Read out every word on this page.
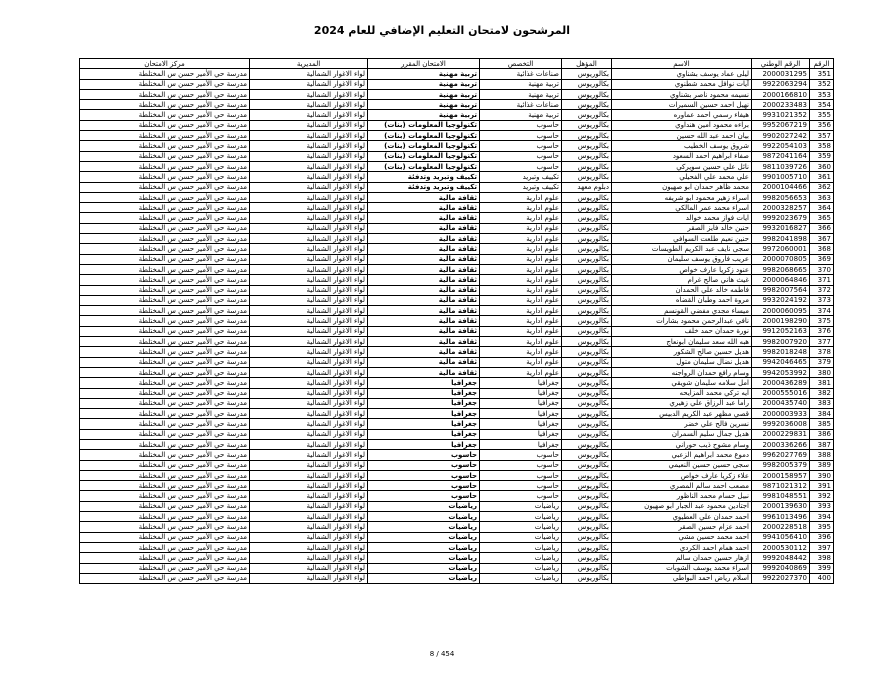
المرشحون لامتحان التعليم الإضافي للعام 2024
الرقم	الرقم الوطني	الاسم	المؤهل	التخصص	الامتحان المقرر	المديرية	مركز الامتحان
351	2000031295	ليلى عماد يوسف بشناوي	بكالوريوس	صناعات غذائية	تربية مهنية	لواء الاغوار الشمالية	مدرسة حي الأمير حسن س المختلطة
352	9922063294	آيات نوافل محمد شطنوي	بكالوريوس	تربية مهنية	تربية مهنية	لواء الاغوار الشمالية	مدرسة حي الأمير حسن س المختلطة
353	2000166810	نسيمه محمود ناصر بشناوي	بكالوريوس	تربية مهنية	تربية مهنية	لواء الاغوار الشمالية	مدرسة حي الأمير حسن س المختلطة
354	2000233483	نهيل احمد حسين السميرات	بكالوريوس	صناعات غذائية	تربية مهنية	لواء الاغوار الشمالية	مدرسة حي الأمير حسن س المختلطة
355	9931021352	هيفاء رسمي احمد عماوره	بكالوريوس	تربية مهنية	تربية مهنية	لواء الاغوار الشمالية	مدرسة حي الأمير حسن س المختلطة
356	9952067219	براءه محمود امين هنداوي	بكالوريوس	حاسوب	تكنولوجيا المعلومات (بنات)	لواء الاغوار الشمالية	مدرسة حي الأمير حسن س المختلطة
357	9902027242	بيان احمد عبد الله حسين	بكالوريوس	حاسوب	تكنولوجيا المعلومات (بنات)	لواء الاغوار الشمالية	مدرسة حي الأمير حسن س المختلطة
358	9922054103	شروق يوسف الخطيب	بكالوريوس	حاسوب	تكنولوجيا المعلومات (بنات)	لواء الاغوار الشمالية	مدرسة حي الأمير حسن س المختلطة
359	9872041164	صفاء ابراهيم احمد السعود	بكالوريوس	حاسوب	تكنولوجيا المعلومات (بنات)	لواء الاغوار الشمالية	مدرسة حي الأمير حسن س المختلطة
360	9811039726	نائل علي حسين سويركي	بكالوريوس	حاسوب	تكنولوجيا المعلومات (بنات)	لواء الاغوار الشمالية	مدرسة حي الأمير حسن س المختلطة
361	9901005710	علي محمد علي الفحيلي	بكالوريوس	تكييف وتبريد	تكييف وتبريد وتدفئة	لواء الاغوار الشمالية	مدرسة حي الأمير حسن س المختلطة
362	2000104466	محمد ظاهر حمدان ابو صهيون	دبلوم معهد	تكييف وتبريد	تكييف وتبريد وتدفئة	لواء الاغوار الشمالية	مدرسة حي الأمير حسن س المختلطة
363	9982056653	اسراء زهير محمود ابو شريفه	بكالوريوس	علوم ادارية	ثقافة مالية	لواء الاغوار الشمالية	مدرسة حي الأمير حسن س المختلطة
364	2000328257	اسراء محمد عمر المالكي	بكالوريوس	علوم ادارية	ثقافة مالية	لواء الاغوار الشمالية	مدرسة حي الأمير حسن س المختلطة
365	9992023679	ايات فواز محمد خوالد	بكالوريوس	علوم ادارية	ثقافة مالية	لواء الاغوار الشمالية	مدرسة حي الأمير حسن س المختلطة
366	9932016827	حنين خالد فايز الصقر	بكالوريوس	علوم ادارية	ثقافة مالية	لواء الاغوار الشمالية	مدرسة حي الأمير حسن س المختلطة
367	9982041898	حنين نعيم طلعت السوافي	بكالوريوس	علوم ادارية	ثقافة مالية	لواء الاغوار الشمالية	مدرسة حي الأمير حسن س المختلطة
368	9972060001	سجى نايف عبد الكريم الطويسات	بكالوريوس	علوم ادارية	ثقافة مالية	لواء الاغوار الشمالية	مدرسة حي الأمير حسن س المختلطة
369	2000070805	عريب فاروق يوسف سليمان	بكالوريوس	علوم ادارية	ثقافة مالية	لواء الاغوار الشمالية	مدرسة حي الأمير حسن س المختلطة
370	9982068665	عنود زكريا عارف خواص	بكالوريوس	علوم ادارية	ثقافة مالية	لواء الاغوار الشمالية	مدرسة حي الأمير حسن س المختلطة
371	2000064846	غيث هاني صالح غرام	بكالوريوس	علوم ادارية	ثقافة مالية	لواء الاغوار الشمالية	مدرسة حي الأمير حسن س المختلطة
372	9982007564	فاطمه خالد علي الحمدان	بكالوريوس	علوم ادارية	ثقافة مالية	لواء الاغوار الشمالية	مدرسة حي الأمير حسن س المختلطة
373	9932024192	مروة احمد وطبان القضاه	بكالوريوس	علوم ادارية	ثقافة مالية	لواء الاغوار الشمالية	مدرسة حي الأمير حسن س المختلطة
374	2000060095	ميساء مجدي مفضي القونسم	بكالوريوس	علوم ادارية	ثقافة مالية	لواء الاغوار الشمالية	مدرسة حي الأمير حسن س المختلطة
375	2000198290	نافي عبدالرحمن محمود بشارات	بكالوريوس	علوم ادارية	ثقافة مالية	لواء الاغوار الشمالية	مدرسة حي الأمير حسن س المختلطة
376	9912052163	نورة حمدان حمد خلف	بكالوريوس	علوم ادارية	ثقافة مالية	لواء الاغوار الشمالية	مدرسة حي الأمير حسن س المختلطة
377	9982007920	هبه الله سعد سليمان ابونعاج	بكالوريوس	علوم ادارية	ثقافة مالية	لواء الاغوار الشمالية	مدرسة حي الأمير حسن س المختلطة
378	9982018248	هديل حسين صالح الشكور	بكالوريوس	علوم ادارية	ثقافة مالية	لواء الاغوار الشمالية	مدرسة حي الأمير حسن س المختلطة
379	9942046465	هديل نضال سليمان متول	بكالوريوس	علوم ادارية	ثقافة مالية	لواء الاغوار الشمالية	مدرسة حي الأمير حسن س المختلطة
380	9942053992	وسام رافع حمدان الرواجنه	بكالوريوس	علوم ادارية	ثقافة مالية	لواء الاغوار الشمالية	مدرسة حي الأمير حسن س المختلطة
381	2000436289	امل سلامه سليمان شويقي	بكالوريوس	جغرافيا	جغرافيا	لواء الاغوار الشمالية	مدرسة حي الأمير حسن س المختلطة
382	2000555016	ايه تركي محمد المزايحه	بكالوريوس	جغرافيا	جغرافيا	لواء الاغوار الشمالية	مدرسة حي الأمير حسن س المختلطة
383	2000435740	راما عبد الرزاق علي زهيري	بكالوريوس	جغرافيا	جغرافيا	لواء الاغوار الشمالية	مدرسة حي الأمير حسن س المختلطة
384	2000003933	قصي مظهر عبد الكريم الدبيس	بكالوريوس	جغرافيا	جغرافيا	لواء الاغوار الشمالية	مدرسة حي الأمير حسن س المختلطة
385	9992036008	نسرين فالح علي خضر	بكالوريوس	جغرافيا	جغرافيا	لواء الاغوار الشمالية	مدرسة حي الأمير حسن س المختلطة
386	2000229831	هديل جمال سليم السمران	بكالوريوس	جغرافيا	جغرافيا	لواء الاغوار الشمالية	مدرسة حي الأمير حسن س المختلطة
387	2000336266	وسام مشوح ذيب حوراني	بكالوريوس	جغرافيا	جغرافيا	لواء الاغوار الشمالية	مدرسة حي الأمير حسن س المختلطة
388	9962027769	دموع محمد ابراهيم الزعبي	بكالوريوس	حاسوب	حاسوب	لواء الاغوار الشمالية	مدرسة حي الأمير حسن س المختلطة
389	9982005379	سجى حسين حسين النعيمي	بكالوريوس	حاسوب	حاسوب	لواء الاغوار الشمالية	مدرسة حي الأمير حسن س المختلطة
390	2000158957	علاء زكريا عارف خواص	بكالوريوس	حاسوب	حاسوب	لواء الاغوار الشمالية	مدرسة حي الأمير حسن س المختلطة
391	9871021312	مصعب احمد سالم المصري	بكالوريوس	حاسوب	حاسوب	لواء الاغوار الشمالية	مدرسة حي الأمير حسن س المختلطة
392	9981048551	نبيل حسام محمد الناظور	بكالوريوس	حاسوب	حاسوب	لواء الاغوار الشمالية	مدرسة حي الأمير حسن س المختلطة
393	2000139630	اجتادين محمود عبد الجبار ابو صهيون	بكالوريوس	رياضيات	رياضيات	لواء الاغوار الشمالية	مدرسة حي الأمير حسن س المختلطة
394	9961013496	احمد حمدان علي العطيوي	بكالوريوس	رياضيات	رياضيات	لواء الاغوار الشمالية	مدرسة حي الأمير حسن س المختلطة
395	2000228518	احمد عزام حسين الصقر	بكالوريوس	رياضيات	رياضيات	لواء الاغوار الشمالية	مدرسة حي الأمير حسن س المختلطة
396	9941056410	احمد محمد حسين مشي	بكالوريوس	رياضيات	رياضيات	لواء الاغوار الشمالية	مدرسة حي الأمير حسن س المختلطة
397	2000530112	احمد همام احمد الكردي	بكالوريوس	رياضيات	رياضيات	لواء الاغوار الشمالية	مدرسة حي الأمير حسن س المختلطة
398	9992048442	ازهار حسين حمدان سالم	بكالوريوس	رياضيات	رياضيات	لواء الاغوار الشمالية	مدرسة حي الأمير حسن س المختلطة
399	9992040869	اسراء محمد يوسف الشوبات	بكالوريوس	رياضيات	رياضيات	لواء الاغوار الشمالية	مدرسة حي الأمير حسن س المختلطة
400	9922027370	اسلام رياض احمد البواطي	بكالوريوس	رياضيات	رياضيات	لواء الاغوار الشمالية	مدرسة حي الأمير حسن س المختلطة
8 / 454
